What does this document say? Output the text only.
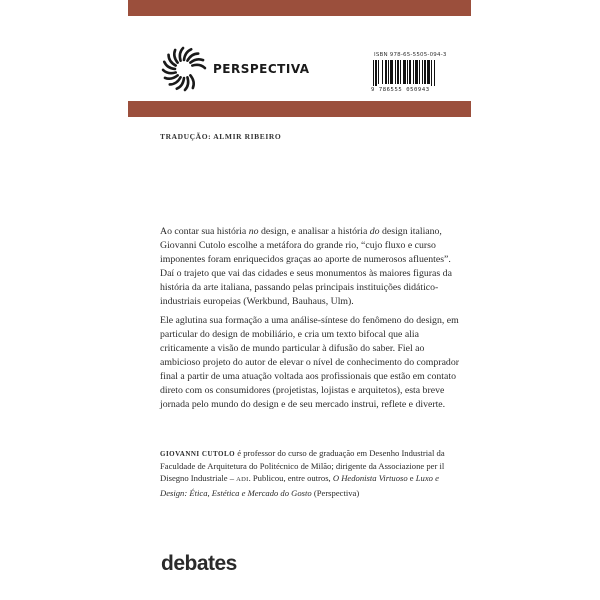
PERSPECTIVA
ISBN 978-65-5505-094-3
9 786555 050943
TRADUÇÃO: ALMIR RIBEIRO

Ao contar sua história no design, e analisar a história do design italiano, Giovanni Cutolo escolhe a metáfora do grande rio, “cujo fluxo e curso imponentes foram enriquecidos graças ao aporte de numerosos afluentes”. Daí o trajeto que vai das cidades e seus monumentos às maiores figuras da história da arte italiana, passando pelas principais instituições didático-industriais europeias (Werkbund, Bauhaus, Ulm).

Ele aglutina sua formação a uma análise-síntese do fenômeno do design, em particular do design de mobiliário, e cria um texto bifocal que alia criticamente a visão de mundo particular à difusão do saber. Fiel ao ambicioso projeto do autor de elevar o nível de conhecimento do comprador final a partir de uma atuação voltada aos profissionais que estão em contato direto com os consumidores (projetistas, lojistas e arquitetos), esta breve jornada pelo mundo do design e de seu mercado instrui, reflete e diverte.

GIOVANNI CUTOLO é professor do curso de graduação em Desenho Industrial da Faculdade de Arquitetura do Politécnico de Milão; dirigente da Associazione per il Disegno Industriale – ADI. Publicou, entre outros, O Hedonista Virtuoso e Luxo e Design: Ética, Estética e Mercado do Gosto (Perspectiva)
debates
